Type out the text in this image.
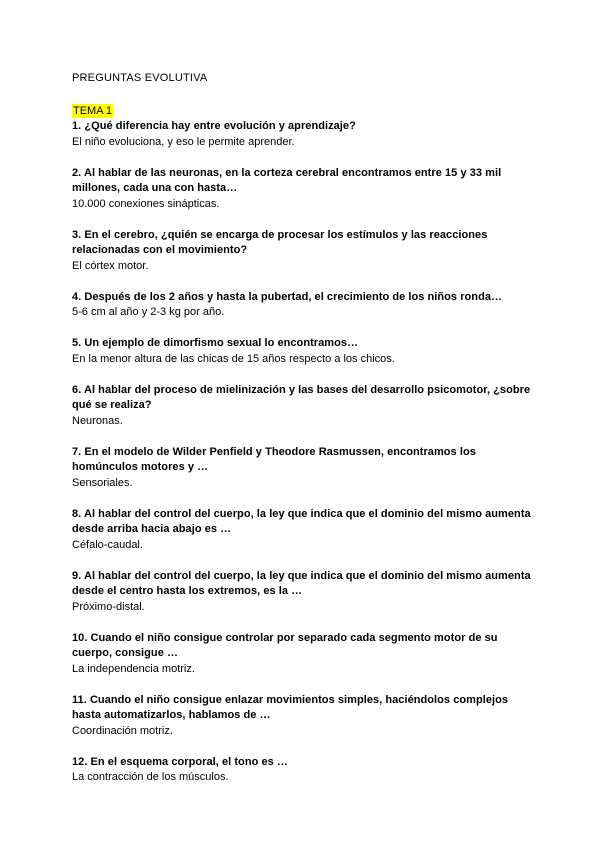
PREGUNTAS EVOLUTIVA
TEMA 1

1. ¿Qué diferencia hay entre evolución y aprendizaje?

El niño evoluciona, y eso le permite aprender.

2. Al hablar de las neuronas, en la corteza cerebral encontramos entre 15 y 33 mil millones, cada una con hasta…

10.000 conexiones sinápticas.

3. En el cerebro, ¿quién se encarga de procesar los estímulos y las reacciones relacionadas con el movimiento?

El córtex motor.

4. Después de los 2 años y hasta la pubertad, el crecimiento de los niños ronda…

5-6 cm al año y 2-3 kg por año.

5. Un ejemplo de dimorfismo sexual lo encontramos…

En la menor altura de las chicas de 15 años respecto a los chicos.

6. Al hablar del proceso de mielinización y las bases del desarrollo psicomotor, ¿sobre qué se realiza?

Neuronas.

7. En el modelo de Wilder Penfield y Theodore Rasmussen, encontramos los homúnculos motores y …

Sensoriales.

8. Al hablar del control del cuerpo, la ley que indica que el dominio del mismo aumenta desde arriba hacia abajo es …

Céfalo-caudal.

9. Al hablar del control del cuerpo, la ley que indica que el dominio del mismo aumenta desde el centro hasta los extremos, es la …

Próximo-distal.

10. Cuando el niño consigue controlar por separado cada segmento motor de su cuerpo, consigue …

La independencia motriz.

11. Cuando el niño consigue enlazar movimientos simples, haciéndolos complejos hasta automatizarlos, hablamos de …

Coordinación motriz.

12. En el esquema corporal, el tono es …

La contracción de los músculos.
